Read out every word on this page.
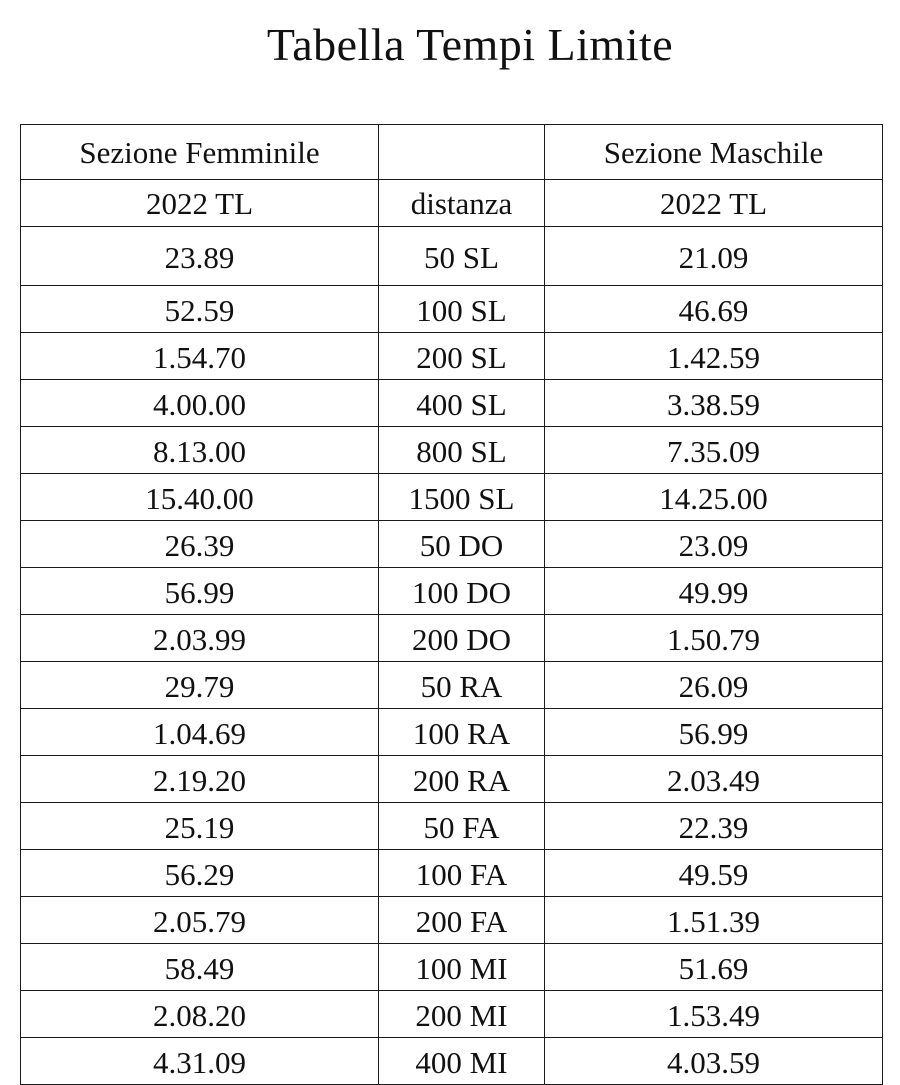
Tabella Tempi Limite
Sezione Femminile		Sezione Maschile
2022 TL	distanza	2022 TL
23.89	50 SL	21.09
52.59	100 SL	46.69
1.54.70	200 SL	1.42.59
4.00.00	400 SL	3.38.59
8.13.00	800 SL	7.35.09
15.40.00	1500 SL	14.25.00
26.39	50 DO	23.09
56.99	100 DO	49.99
2.03.99	200 DO	1.50.79
29.79	50 RA	26.09
1.04.69	100 RA	56.99
2.19.20	200 RA	2.03.49
25.19	50 FA	22.39
56.29	100 FA	49.59
2.05.79	200 FA	1.51.39
58.49	100 MI	51.69
2.08.20	200 MI	1.53.49
4.31.09	400 MI	4.03.59
